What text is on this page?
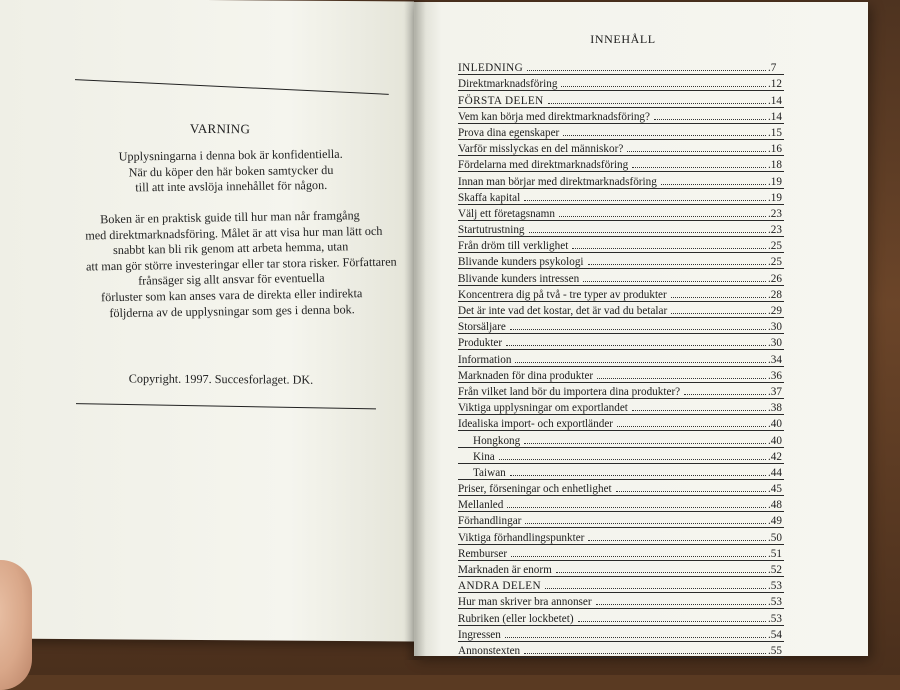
VARNING
Upplysningarna i denna bok är konfidentiella.
När du köper den här boken samtycker du
till att inte avslöja innehållet för någon.
Boken är en praktisk guide till hur man når framgång
med direktmarknadsföring. Målet är att visa hur man lätt och
snabbt kan bli rik genom att arbeta hemma, utan
att man gör större investeringar eller tar stora risker. Författaren
frånsäger sig allt ansvar för eventuella
förluster som kan anses vara de direkta eller indirekta
följderna av de upplysningar som ges i denna bok.
Copyright. 1997. Succesforlaget. DK.
INNEHÅLL
INLEDNING	.7
Direktmarknadsföring	.12
FÖRSTA DELEN	.14
Vem kan börja med direktmarknadsföring?	.14
Prova dina egenskaper	.15
Varför misslyckas en del människor?	.16
Fördelarna med direktmarknadsföring	.18
Innan man börjar med direktmarknadsföring	.19
Skaffa kapital	.19
Välj ett företagsnamn	.23
Startutrustning	.23
Från dröm till verklighet	.25
Blivande kunders psykologi	.25
Blivande kunders intressen	.26
Koncentrera dig på två - tre typer av produkter	.28
Det är inte vad det kostar, det är vad du betalar	.29
Storsäljare	.30
Produkter	.30
Information	.34
Marknaden för dina produkter	.36
Från vilket land bör du importera dina produkter?	.37
Viktiga upplysningar om exportlandet	.38
Idealiska import- och exportländer	.40
Hongkong	.40
Kina	.42
Taiwan	.44
Priser, förseningar och enhetlighet	.45
Mellanled	.48
Förhandlingar	.49
Viktiga förhandlingspunkter	.50
Remburser	.51
Marknaden är enorm	.52
ANDRA DELEN	.53
Hur man skriver bra annonser	.53
Rubriken (eller lockbetet)	.53
Ingressen	.54
Annonstexten	.55
